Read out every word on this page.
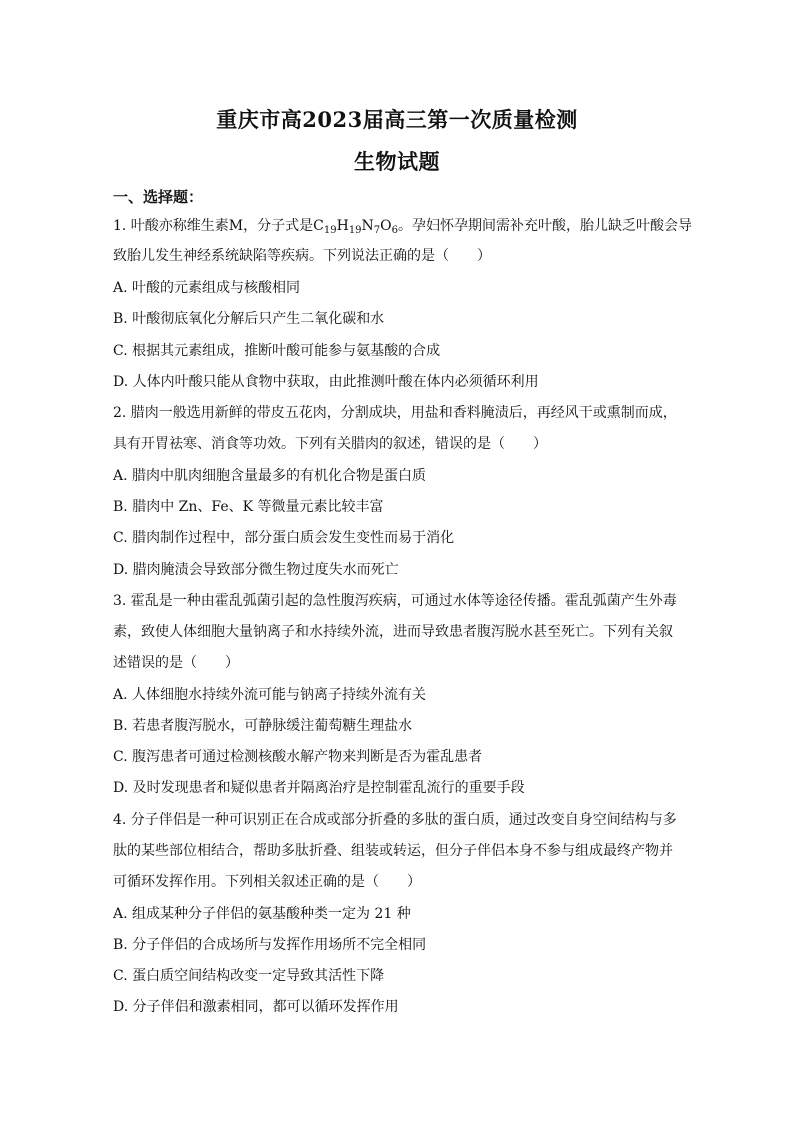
重庆市高2023届高三第一次质量检测
生物试题
一、选择题：
1. 叶酸亦称维生素M，分子式是$C_{19}H_{19}N_7O_6$。孕妇怀孕期间需补充叶酸，胎儿缺乏叶酸会导
致胎儿发生神经系统缺陷等疾病。下列说法正确的是（　　）
A. 叶酸的元素组成与核酸相同
B. 叶酸彻底氧化分解后只产生二氧化碳和水
C. 根据其元素组成，推断叶酸可能参与氨基酸的合成
D. 人体内叶酸只能从食物中获取，由此推测叶酸在体内必须循环利用
2. 腊肉一般选用新鲜的带皮五花肉，分割成块，用盐和香料腌渍后，再经风干或熏制而成，
具有开胃祛寒、消食等功效。下列有关腊肉的叙述，错误的是（　　）
A. 腊肉中肌肉细胞含量最多的有机化合物是蛋白质
B. 腊肉中 Zn、Fe、K 等微量元素比较丰富
C. 腊肉制作过程中，部分蛋白质会发生变性而易于消化
D. 腊肉腌渍会导致部分微生物过度失水而死亡
3. 霍乱是一种由霍乱弧菌引起的急性腹泻疾病，可通过水体等途径传播。霍乱弧菌产生外毒
素，致使人体细胞大量钠离子和水持续外流，进而导致患者腹泻脱水甚至死亡。下列有关叙
述错误的是（　　）
A. 人体细胞水持续外流可能与钠离子持续外流有关
B. 若患者腹泻脱水，可静脉缓注葡萄糖生理盐水
C. 腹泻患者可通过检测核酸水解产物来判断是否为霍乱患者
D. 及时发现患者和疑似患者并隔离治疗是控制霍乱流行的重要手段
4. 分子伴侣是一种可识别正在合成或部分折叠的多肽的蛋白质，通过改变自身空间结构与多
肽的某些部位相结合，帮助多肽折叠、组装或转运，但分子伴侣本身不参与组成最终产物并
可循环发挥作用。下列相关叙述正确的是（　　）
A. 组成某种分子伴侣的氨基酸种类一定为 21 种
B. 分子伴侣的合成场所与发挥作用场所不完全相同
C. 蛋白质空间结构改变一定导致其活性下降
D. 分子伴侣和激素相同，都可以循环发挥作用
